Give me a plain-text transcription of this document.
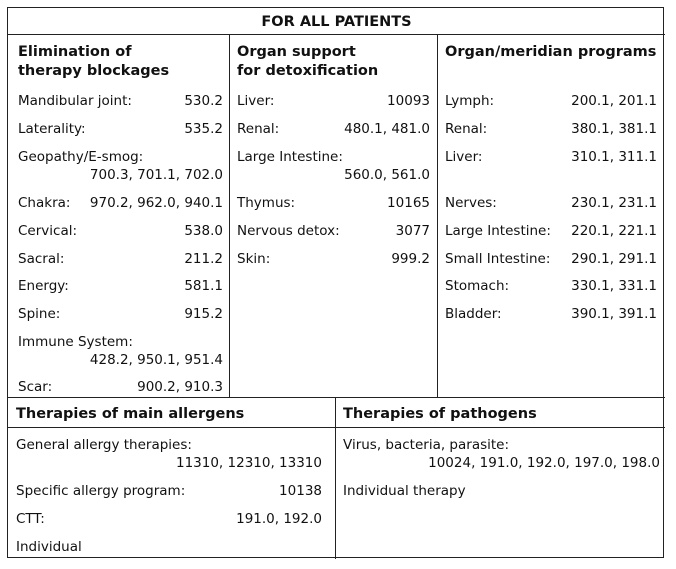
FOR ALL PATIENTS
Elimination of
therapy blockages
Organ support
for detoxification
Organ/meridian programs
Mandibular joint:	530.2
Laterality:	535.2
Geopathy/E-smog:
700.3, 701.1, 702.0
Chakra:	970.2, 962.0, 940.1
Cervical:	538.0
Sacral:	211.2
Energy:	581.1
Spine:	915.2
Immune System:
428.2, 950.1, 951.4
Scar:	900.2, 910.3
Liver:	10093
Renal:	480.1, 481.0
Large Intestine:
560.0, 561.0
Thymus:	10165
Nervous detox:	3077
Skin:	999.2
Lymph:	200.1, 201.1
Renal:	380.1, 381.1
Liver:	310.1, 311.1
Nerves:	230.1, 231.1
Large Intestine:	220.1, 221.1
Small Intestine:	290.1, 291.1
Stomach:	330.1, 331.1
Bladder:	390.1, 391.1
Therapies of main allergens	Therapies of pathogens
General allergy therapies:
11310, 12310, 13310
Specific allergy program:	10138
CTT:	191.0, 192.0
Individual
Virus, bacteria, parasite:
10024, 191.0, 192.0, 197.0, 198.0
Individual therapy
